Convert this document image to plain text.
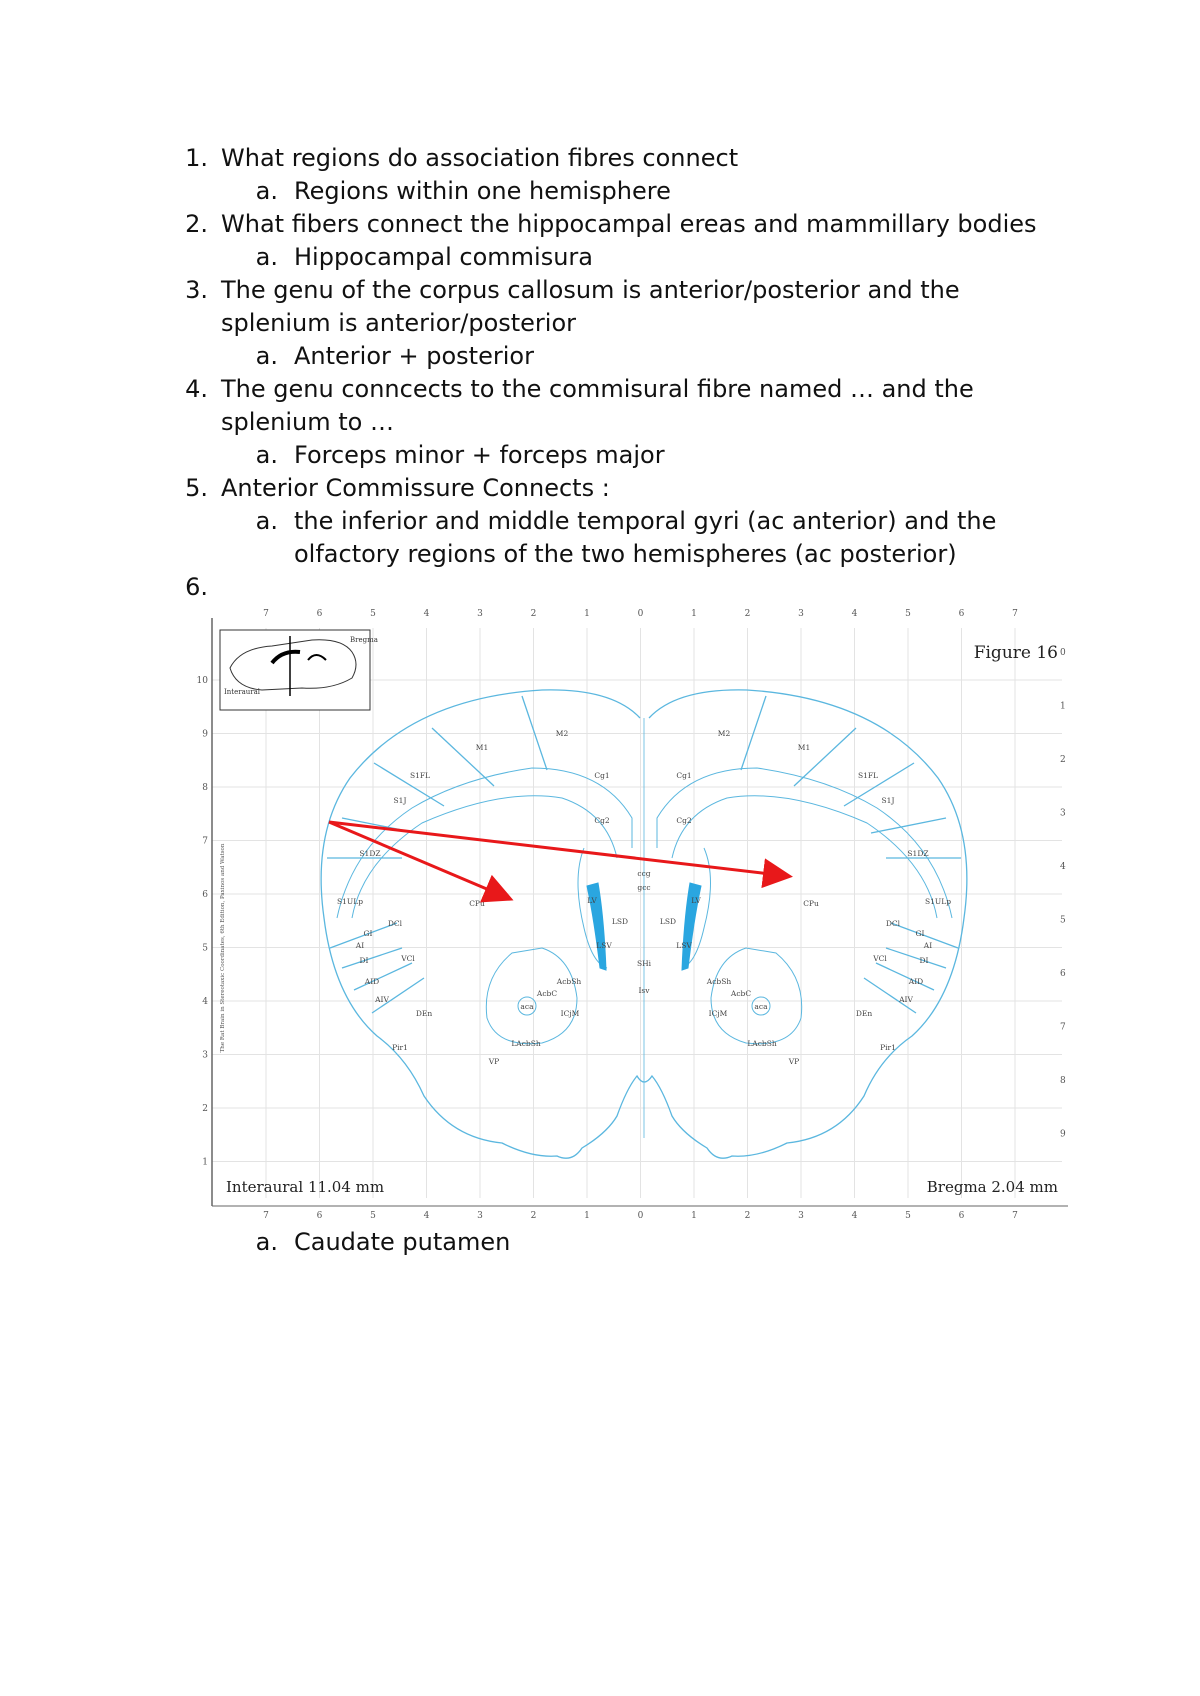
1. What regions do association fibres connect
a. Regions within one hemisphere
2. What fibers connect the hippocampal ereas and mammillary bodies
a. Hippocampal commisura
3. The genu of the corpus callosum is anterior/posterior and the
splenium is anterior/posterior
a. Anterior + posterior
4. The genu conncects to the commisural fibre named … and the
splenium to …
a. Forceps minor + forceps major
5. Anterior Commissure Connects :
a. the inferior and middle temporal gyri (ac anterior) and the
olfactory regions of the two hemispheres (ac posterior)
6.
7	6	5	4	3	2	1	0	1	2	3	4	5	6	7
7	6	5	4	3	2	1	0	1	2	3	4	5	6	7
10
9
8
7
6
5
4
3
2
1
0
1
2
3
4
5
6
7
8
9
Bregma
Interaural
The Rat Brain in Stereotaxic Coordinates, 6th Edition, Paxinos and Watson
M1
M2
M1
M2
Cg1	Cg1
Cg2	Cg2
S1FL	S1FL
S1J	S1J
S1DZ	S1DZ
S1ULp	S1ULp
CPu	CPu
LV	LV
LSD	LSD
LSV	LSV
AcbC	AcbC
AcbSh	AcbSh
aca	aca
ICjM	ICjM
AI	AI
DI	DI
GI	GI
AID	AID
AIV	AIV
DCl	DCl
VCl	VCl
DEn	DEn
Pir1	Pir1
LAcbSh	LAcbSh
VP	VP
ccg
gcc
SHi
Isv
Figure 16
Interaural 11.04 mm	Bregma 2.04 mm
a. Caudate putamen
